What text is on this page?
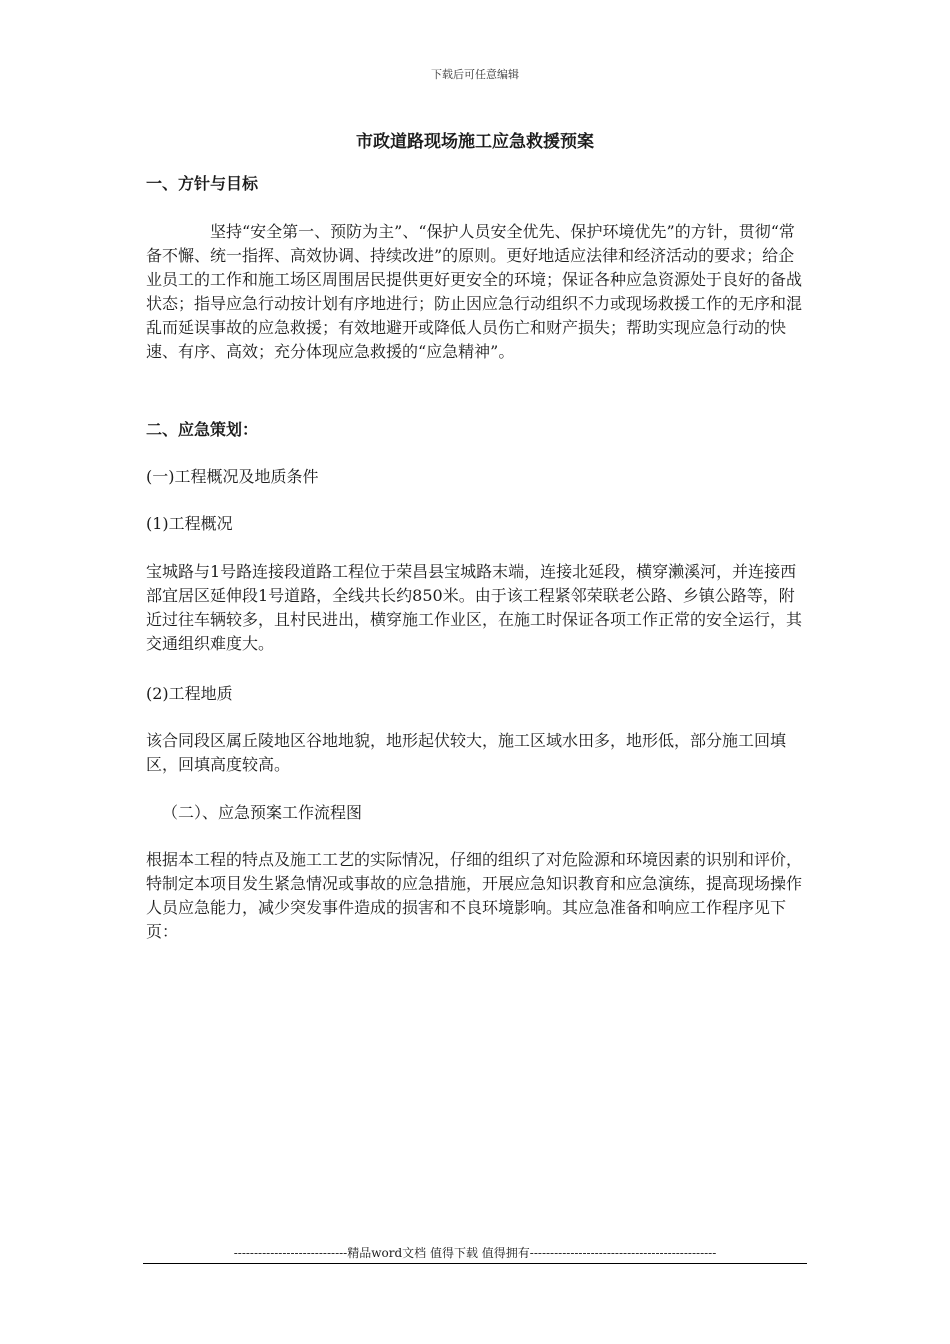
下载后可任意编辑
市政道路现场施工应急救援预案

一、方针与目标

坚持“安全第一、预防为主”、“保护人员安全优先、保护环境优先”的方针，贯彻“常备不懈、统一指挥、高效协调、持续改进”的原则。更好地适应法律和经济活动的要求；给企业员工的工作和施工场区周围居民提供更好更安全的环境；保证各种应急资源处于良好的备战状态；指导应急行动按计划有序地进行；防止因应急行动组织不力或现场救援工作的无序和混乱而延误事故的应急救援；有效地避开或降低人员伤亡和财产损失；帮助实现应急行动的快速、有序、高效；充分体现应急救援的“应急精神”。

二、应急策划：

(一)工程概况及地质条件

(1)工程概况

宝城路与1号路连接段道路工程位于荣昌县宝城路末端，连接北延段，横穿濑溪河，并连接西部宜居区延伸段1号道路，全线共长约850米。由于该工程紧邻荣联老公路、乡镇公路等，附近过往车辆较多，且村民进出，横穿施工作业区，在施工时保证各项工作正常的安全运行，其交通组织难度大。

(2)工程地质

该合同段区属丘陵地区谷地地貌，地形起伏较大，施工区域水田多，地形低，部分施工回填区，回填高度较高。

（二）、应急预案工作流程图

根据本工程的特点及施工工艺的实际情况，仔细的组织了对危险源和环境因素的识别和评价，特制定本项目发生紧急情况或事故的应急措施，开展应急知识教育和应急演练，提高现场操作人员应急能力，减少突发事件造成的损害和不良环境影响。其应急准备和响应工作程序见下页：

----------------------------精品word文档 值得下载 值得拥有----------------------------------------------
